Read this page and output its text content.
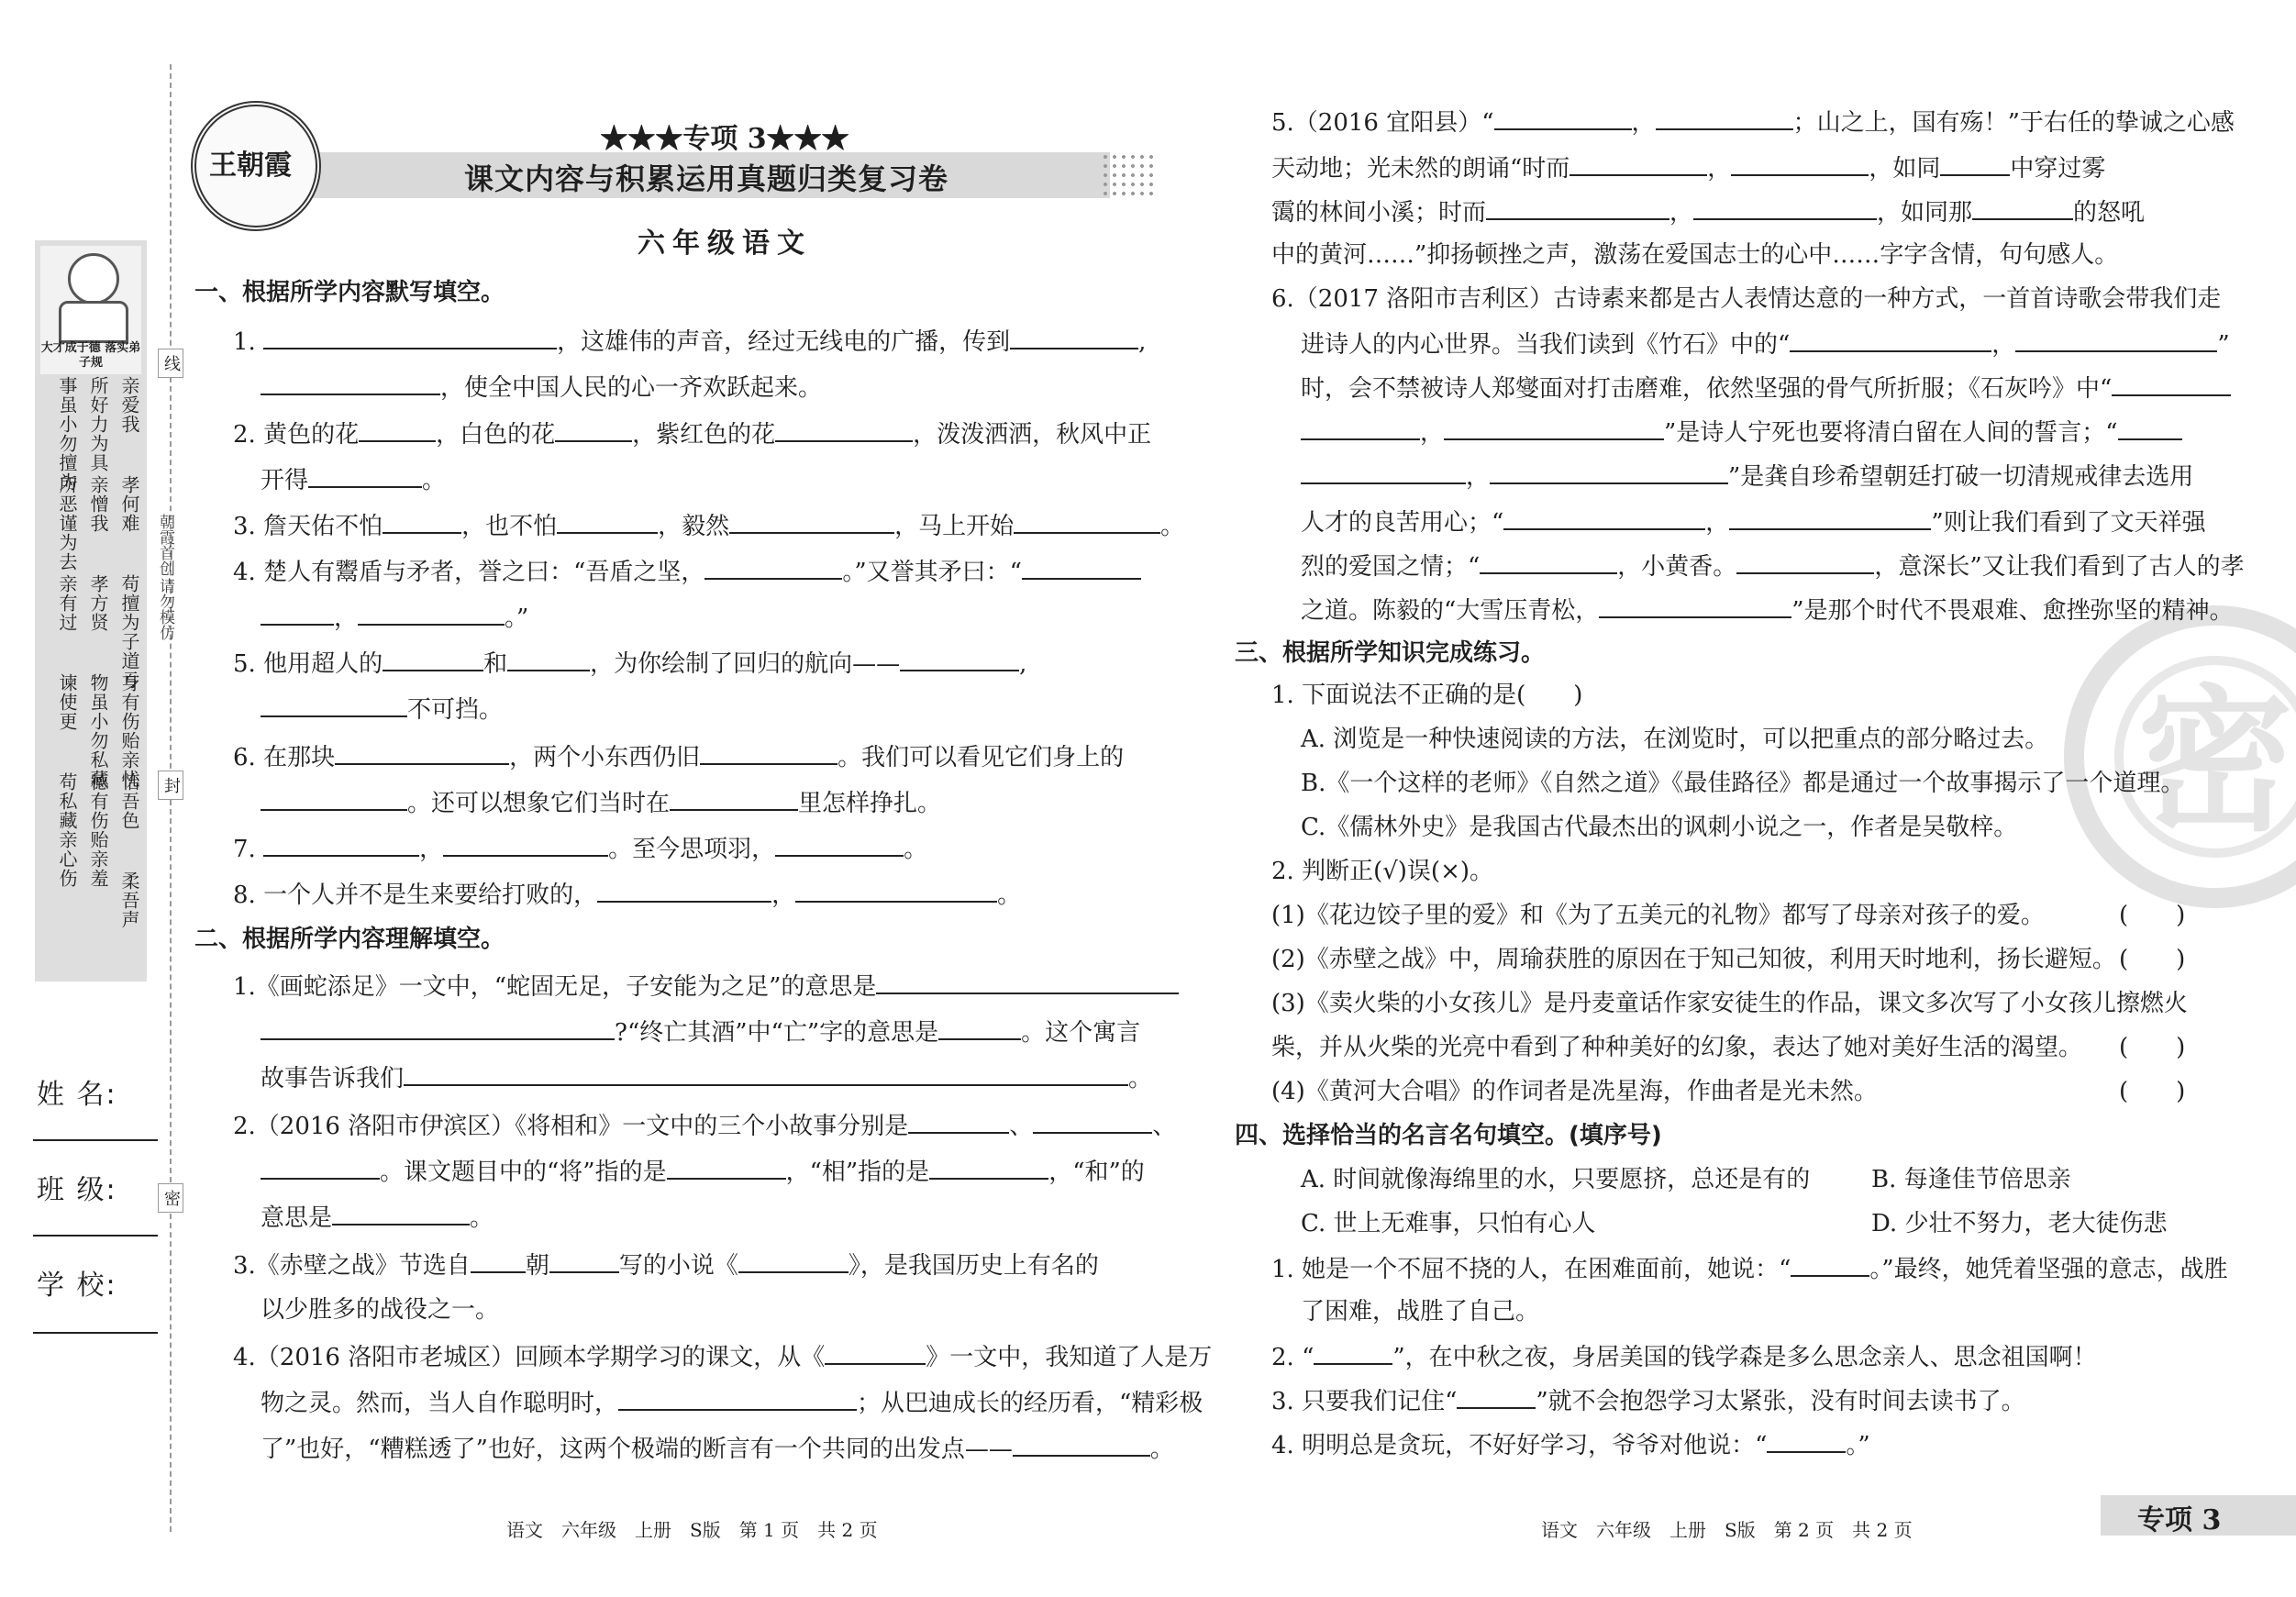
大才成于德 落实弟子规
亲爱我
所好力为具
事虽小勿擅为
孝何难
亲憎我
所恶谨为去
苟擅为子道亏
孝方贤
亲有过
身有伤贻亲忧
物虽小勿私藏
谏使更
怡吾色
德有伤贻亲羞
苟私藏亲心伤
柔吾声
线
封
密
朝霞首创
请勿模仿
姓 名:
班 级:
学 校:
王朝霞
★★★专项 3★★★
课文内容与积累运用真题归类复习卷
六年级语文
一、根据所学内容默写填空。
1.	，这雄伟的声音，经过无线电的广播，传到	,
，使全中国人民的心一齐欢跃起来。
2. 黄色的花	，白色的花	，紫红色的花	，泼泼洒洒，秋风中正
开得	。
3. 詹天佑不怕	，也不怕	，毅然	，马上开始	。
4. 楚人有鬻盾与矛者，誉之曰：“吾盾之坚，	。”又誉其矛曰：“
，	。”
5. 他用超人的	和	，为你绘制了回归的航向——	,
不可挡。
6. 在那块	，两个小东西仍旧	。我们可以看见它们身上的
。还可以想象它们当时在	里怎样挣扎。
7.	，	。至今思项羽，	。
8. 一个人并不是生来要给打败的，	，	。
二、根据所学内容理解填空。
1.《画蛇添足》一文中，“蛇固无足，子安能为之足”的意思是
?“终亡其酒”中“亡”字的意思是	。这个寓言
故事告诉我们	。
2.（2016 洛阳市伊滨区）《将相和》一文中的三个小故事分别是	、	、
。课文题目中的“将”指的是	，“相”指的是	，“和”的
意思是	。
3.《赤壁之战》节选自 朝	写的小说《	》，是我国历史上有名的
以少胜多的战役之一。
4.（2016 洛阳市老城区）回顾本学期学习的课文，从《	》一文中，我知道了人是万
物之灵。然而，当人自作聪明时，	；从巴迪成长的经历看，“精彩极
了”也好，“糟糕透了”也好，这两个极端的断言有一个共同的出发点——	。
语文　六年级　上册　S版　第 1 页　共 2 页
密
5.（2016 宜阳县）“	，	；山之上，国有殇！”于右任的挚诚之心感
天动地；光未然的朗诵“时而	，	，如同	中穿过雾
霭的林间小溪；时而	，	，如同那	的怒吼
中的黄河……”抑扬顿挫之声，激荡在爱国志士的心中……字字含情，句句感人。
6.（2017 洛阳市吉利区）古诗素来都是古人表情达意的一种方式，一首首诗歌会带我们走
进诗人的内心世界。当我们读到《竹石》中的“	，	”
时，会不禁被诗人郑燮面对打击磨难，依然坚强的骨气所折服；《石灰吟》中“
，	”是诗人宁死也要将清白留在人间的誓言；“
，	”是龚自珍希望朝廷打破一切清规戒律去选用
人才的良苦用心；“	，	”则让我们看到了文天祥强
烈的爱国之情；“	，小黄香。	，意深长”又让我们看到了古人的孝
之道。陈毅的“大雪压青松，	”是那个时代不畏艰难、愈挫弥坚的精神。
三、根据所学知识完成练习。
1. 下面说法不正确的是(　　)
A. 浏览是一种快速阅读的方法，在浏览时，可以把重点的部分略过去。
B.《一个这样的老师》《自然之道》《最佳路径》都是通过一个故事揭示了一个道理。
C.《儒林外史》是我国古代最杰出的讽刺小说之一，作者是吴敬梓。
2. 判断正(√)误(×)。
(1)《花边饺子里的爱》和《为了五美元的礼物》都写了母亲对孩子的爱。	(　　)
(2)《赤壁之战》中，周瑜获胜的原因在于知己知彼，利用天时地利，扬长避短。 (　　)
(3)《卖火柴的小女孩儿》是丹麦童话作家安徒生的作品，课文多次写了小女孩儿擦燃火
柴，并从火柴的光亮中看到了种种美好的幻象，表达了她对美好生活的渴望。 (　　)
(4)《黄河大合唱》的作词者是冼星海，作曲者是光未然。	(　　)
四、选择恰当的名言名句填空。(填序号)
A. 时间就像海绵里的水，只要愿挤，总还是有的	B. 每逢佳节倍思亲
C. 世上无难事，只怕有心人	D. 少壮不努力，老大徒伤悲
1. 她是一个不屈不挠的人，在困难面前，她说：“	。”最终，她凭着坚强的意志，战胜
了困难，战胜了自己。
2. “	”，在中秋之夜，身居美国的钱学森是多么思念亲人、思念祖国啊！
3. 只要我们记住“	”就不会抱怨学习太紧张，没有时间去读书了。
4. 明明总是贪玩，不好好学习，爷爷对他说：“	。”
语文　六年级　上册　S版　第 2 页　共 2 页	专项 3
